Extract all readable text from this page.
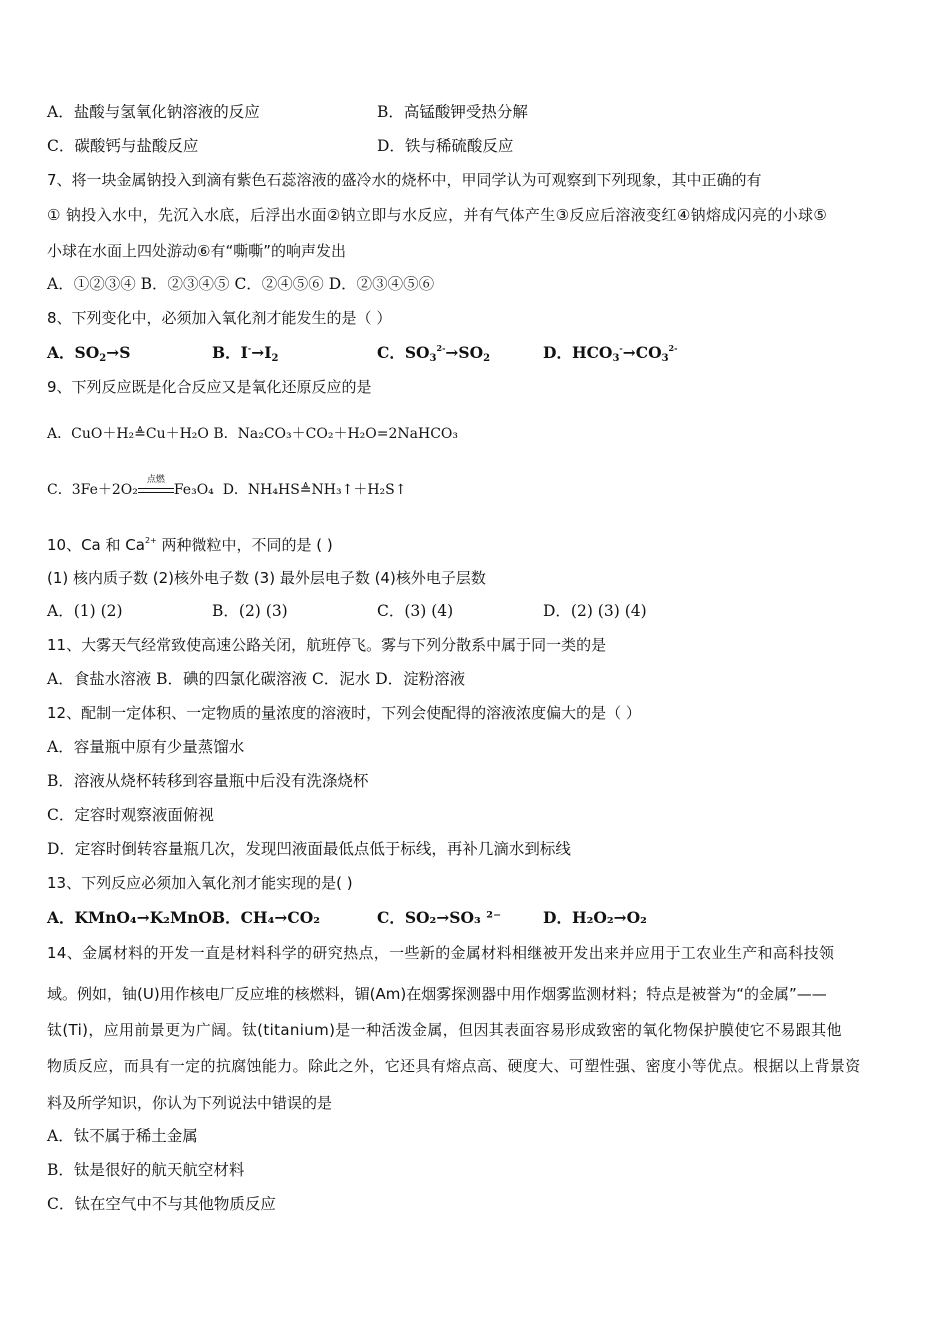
A．盐酸与氢氧化钠溶液的反应	B．高锰酸钾受热分解
C．碳酸钙与盐酸反应	D．铁与稀硫酸反应
7、将一块金属钠投入到滴有紫色石蕊溶液的盛冷水的烧杯中，甲同学认为可观察到下列现象，其中正确的有
① 钠投入水中，先沉入水底，后浮出水面②钠立即与水反应，并有气体产生③反应后溶液变红④钠熔成闪亮的小球⑤
小球在水面上四处游动⑥有“嘶嘶”的响声发出
A．①②③④ B．②③④⑤ C．②④⑤⑥ D．②③④⑤⑥
8、下列变化中，必须加入氧化剂才能发生的是（ ）
A．$SO_2\to S$	B．$I^-\to I_2$	C．$SO_3^{2-}\to SO_2$	D．$HCO_3^-\to CO_3^{2-}$
9、下列反应既是化合反应又是氧化还原反应的是
A．CuO＋H₂≜Cu＋H₂O B．Na₂CO₃＋CO₂＋H₂O=2NaHCO₃
C．3Fe＋2O₂
点燃
Fe₃O₄ D．NH₄HS≜NH₃↑＋H₂S↑
10、Ca 和 $Ca^{2+}$ 两种微粒中，不同的是 ( )
(1) 核内质子数 (2)核外电子数 (3) 最外层电子数 (4)核外电子层数
A．(1) (2)	B．(2) (3)	C．(3) (4)	D．(2) (3) (4)
11、大雾天气经常致使高速公路关闭，航班停飞。雾与下列分散系中属于同一类的是
A．食盐水溶液 B．碘的四氯化碳溶液 C．泥水 D．淀粉溶液
12、配制一定体积、一定物质的量浓度的溶液时，下列会使配得的溶液浓度偏大的是（ ）
A．容量瓶中原有少量蒸馏水
B．溶液从烧杯转移到容量瓶中后没有洗涤烧杯
C．定容时观察液面俯视
D．定容时倒转容量瓶几次，发现凹液面最低点低于标线，再补几滴水到标线
13、下列反应必须加入氧化剂才能实现的是( )
A．KMnO₄→K₂MnO₄
B．CH₄→CO₂	C．SO₂→SO₃ ²⁻	D．H₂O₂→O₂
14、金属材料的开发一直是材料科学的研究热点，一些新的金属材料相继被开发出来并应用于工农业生产和高科技领
域。例如，铀(U)用作核电厂反应堆的核燃料，镅(Am)在烟雾探测器中用作烟雾监测材料；特点是被誉为“的金属”——
钛(Ti)，应用前景更为广阔。钛(titanium)是一种活泼金属，但因其表面容易形成致密的氧化物保护膜使它不易跟其他
物质反应，而具有一定的抗腐蚀能力。除此之外，它还具有熔点高、硬度大、可塑性强、密度小等优点。根据以上背景资
料及所学知识，你认为下列说法中错误的是
A．钛不属于稀土金属
B．钛是很好的航天航空材料
C．钛在空气中不与其他物质反应
